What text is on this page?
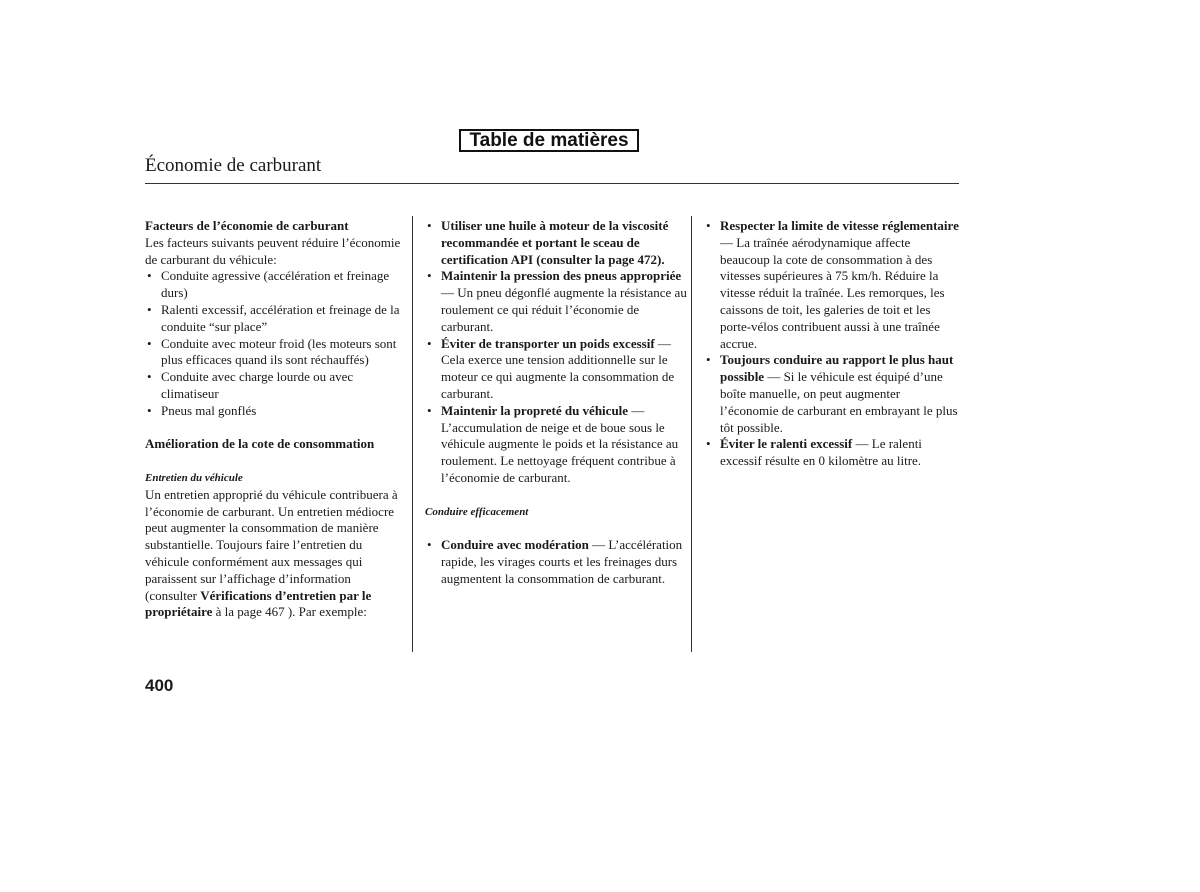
Table de matières
Économie de carburant

Facteurs de l’économie de carburant

Les facteurs suivants peuvent réduire l’économie de carburant du véhicule:

• Conduite agressive (accélération et freinage durs)
• Ralenti excessif, accélération et freinage de la conduite “sur place”
• Conduite avec moteur froid (les moteurs sont plus efficaces quand ils sont réchauffés)
• Conduite avec charge lourde ou avec climatiseur
• Pneus mal gonflés

Amélioration de la cote de consommation

Entretien du véhicule

Un entretien approprié du véhicule contribuera à l’économie de carburant. Un entretien médiocre peut augmenter la consommation de manière substantielle. Toujours faire l’entretien du véhicule conformément aux messages qui paraissent sur l’affichage d’information (consulter Vérifications d’entretien par le propriétaire à la page 467 ). Par exemple:

• Utiliser une huile à moteur de la viscosité recommandée et portant le sceau de certification API (consulter la page 472).
• Maintenir la pression des pneus appropriée — Un pneu dégonflé augmente la résistance au roulement ce qui réduit l’économie de carburant.
• Éviter de transporter un poids excessif — Cela exerce une tension additionnelle sur le moteur ce qui augmente la consommation de carburant.
• Maintenir la propreté du véhicule — L’accumulation de neige et de boue sous le véhicule augmente le poids et la résistance au roulement. Le nettoyage fréquent contribue à l’économie de carburant.

Conduire efficacement

• Conduire avec modération — L’accélération rapide, les virages courts et les freinages durs augmentent la consommation de carburant.
• Respecter la limite de vitesse réglementaire — La traînée aérodynamique affecte beaucoup la cote de consommation à des vitesses supérieures à 75 km/h. Réduire la vitesse réduit la traînée. Les remorques, les caissons de toit, les galeries de toit et les porte-vélos contribuent aussi à une traînée accrue.
• Toujours conduire au rapport le plus haut possible — Si le véhicule est équipé d’une boîte manuelle, on peut augmenter l’économie de carburant en embrayant le plus tôt possible.
• Éviter le ralenti excessif — Le ralenti excessif résulte en 0 kilomètre au litre.
400
